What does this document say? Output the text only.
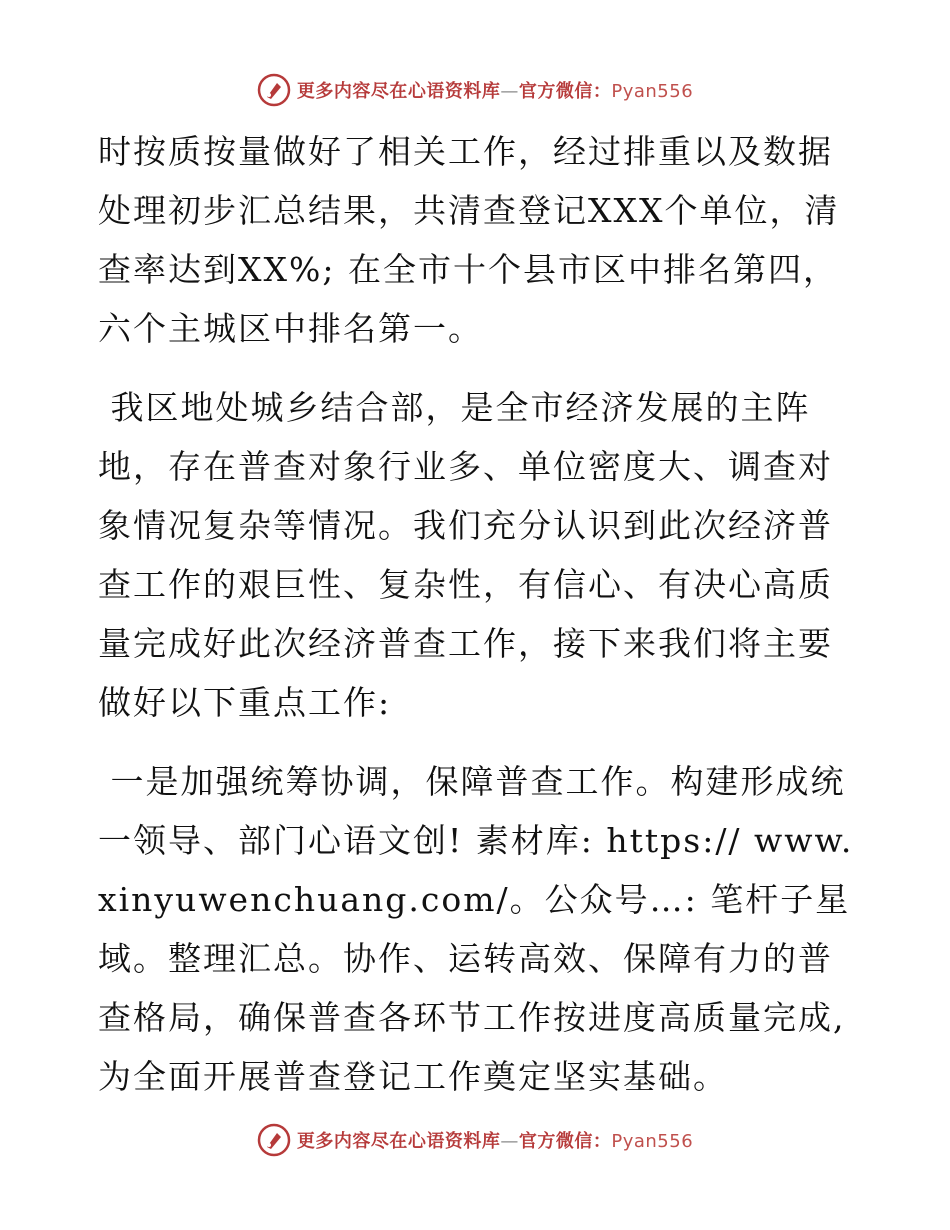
更多内容尽在心语资料库—官方微信：Pyan556

时按质按量做好了相关工作，经过排重以及数据处理初步汇总结果，共清查登记XXX个单位，清查率达到XX%; 在全市十个县市区中排名第四，六个主城区中排名第一。

我区地处城乡结合部，是全市经济发展的主阵地，存在普查对象行业多、单位密度大、调查对象情况复杂等情况。我们充分认识到此次经济普查工作的艰巨性、复杂性，有信心、有决心高质量完成好此次经济普查工作，接下来我们将主要做好以下重点工作:

一是加强统筹协调，保障普查工作。构建形成统一领导、部门心语文创! 素材库: https:// www.xinyuwenchuang.com/。公众号…: 笔杆子星域。整理汇总。协作、运转高效、保障有力的普查格局，确保普查各环节工作按进度高质量完成,为全面开展普查登记工作奠定坚实基础。

更多内容尽在心语资料库—官方微信：Pyan556
